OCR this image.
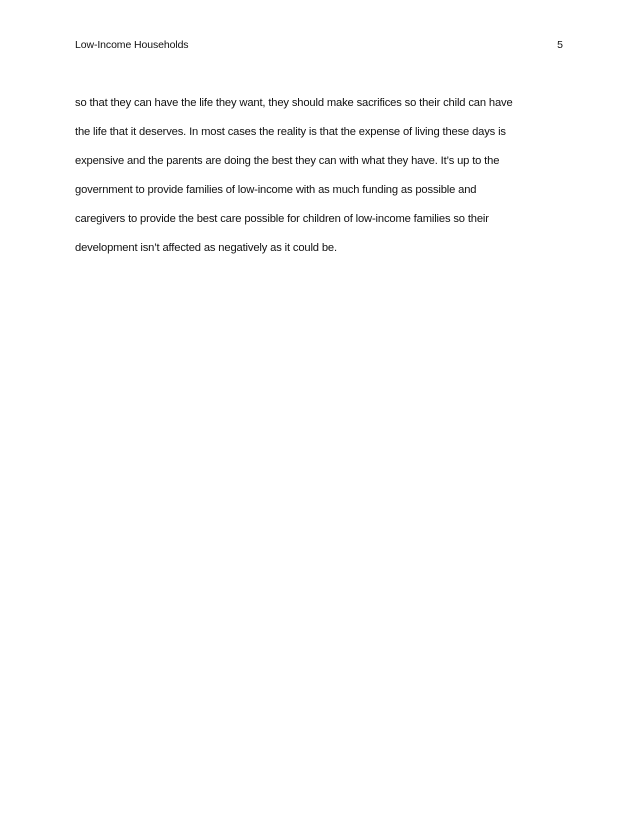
Low-Income Households	5
so that they can have the life they want, they should make sacrifices so their child can have
the life that it deserves. In most cases the reality is that the expense of living these days is
expensive and the parents are doing the best they can with what they have. It’s up to the
government to provide families of low-income with as much funding as possible and
caregivers to provide the best care possible for children of low-income families so their
development isn’t affected as negatively as it could be.
